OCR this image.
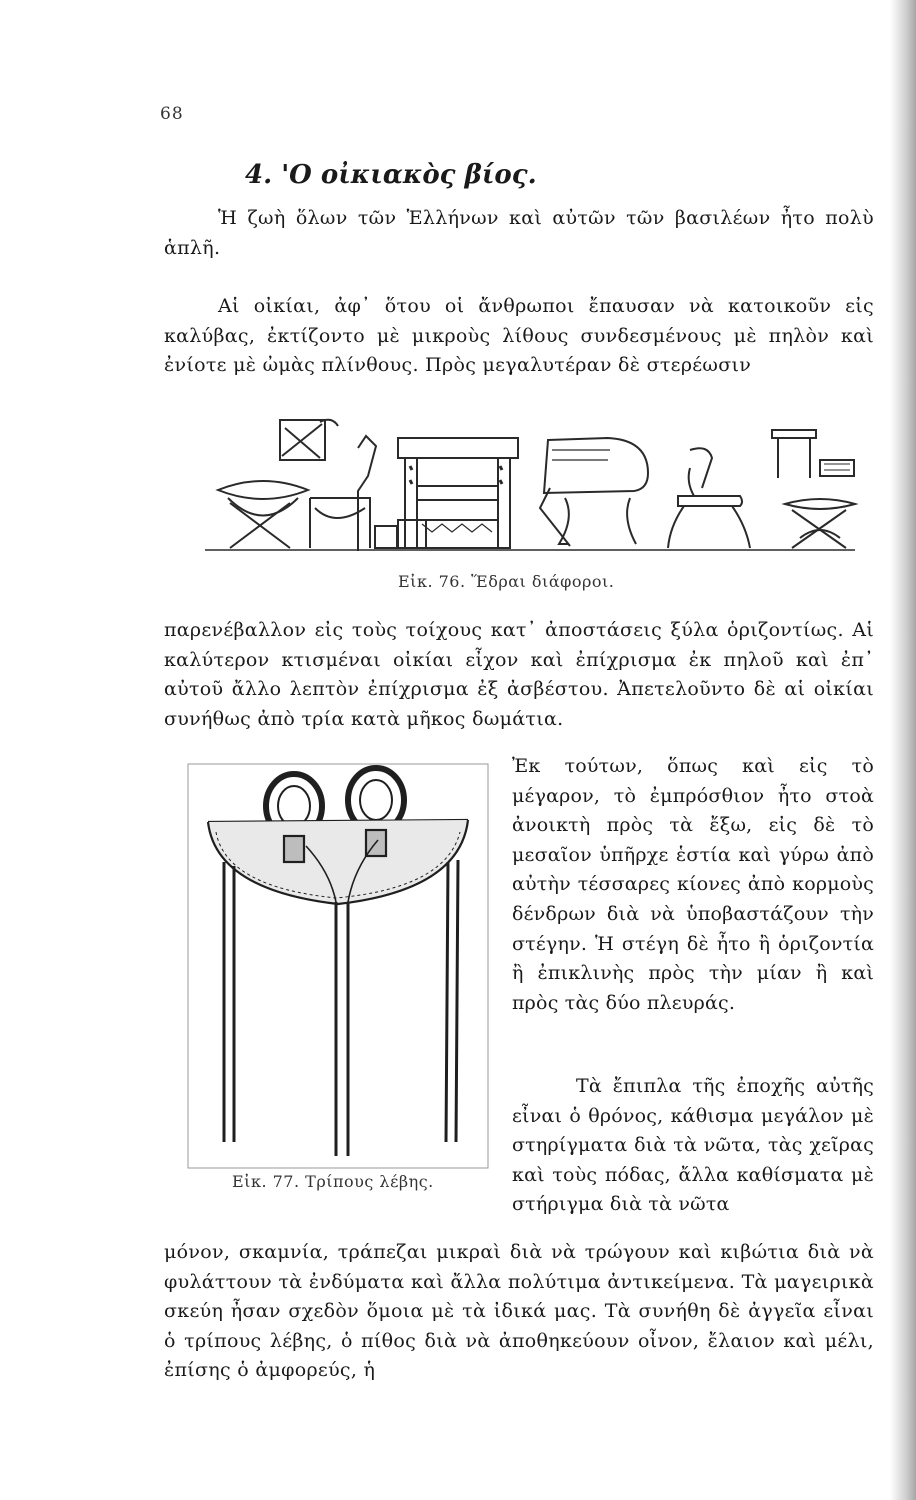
68
4. 'Ο οἰκιακὸς βίος.

Ἡ ζωὴ ὅλων τῶν Ἑλλήνων καὶ αὐτῶν τῶν βασιλέων ἦτο πολὺ ἁπλῆ.

Αἱ οἰκίαι, ἀφ᾽ ὅτου οἱ ἄνθρωποι ἔπαυσαν νὰ κατοικοῦν εἰς καλύβας, ἐκτίζοντο μὲ μικροὺς λίθους συνδεσμένους μὲ πηλὸν καὶ ἐνίοτε μὲ ὠμὰς πλίνθους. Πρὸς μεγαλυτέραν δὲ στερέωσιν

Εἰκ. 76. Ἕδραι διάφοροι.

παρενέβαλλον εἰς τοὺς τοίχους κατ᾽ ἀποστάσεις ξύλα ὁριζοντίως. Αἱ καλύτερον κτισμέναι οἰκίαι εἶχον καὶ ἐπίχρισμα ἐκ πηλοῦ καὶ ἐπ᾽ αὐτοῦ ἄλλο λεπτὸν ἐπίχρισμα ἐξ ἀσβέστου. Ἀπετελοῦντο δὲ αἱ οἰκίαι συνήθως ἀπὸ τρία κατὰ μῆκος δωμάτια.

Εἰκ. 77. Τρίπους λέβης.

Ἐκ τούτων, ὅπως καὶ εἰς τὸ μέγαρον, τὸ ἐμπρόσθιον ἦτο στοὰ ἀνοικτὴ πρὸς τὰ ἔξω, εἰς δὲ τὸ μεσαῖον ὑπῆρχε ἑστία καὶ γύρω ἀπὸ αὐτὴν τέσσαρες κίονες ἀπὸ κορμοὺς δένδρων διὰ νὰ ὑποβαστάζουν τὴν στέγην. Ἡ στέγη δὲ ἦτο ἢ ὁριζοντία ἢ ἐπικλινὴς πρὸς τὴν μίαν ἢ καὶ πρὸς τὰς δύο πλευράς.

Τὰ ἔπιπλα τῆς ἐποχῆς αὐτῆς εἶναι ὁ θρόνος, κάθισμα μεγάλον μὲ στηρίγματα διὰ τὰ νῶτα, τὰς χεῖρας καὶ τοὺς πόδας, ἄλλα καθίσματα μὲ στήριγμα διὰ τὰ νῶτα

μόνον, σκαμνία, τράπεζαι μικραὶ διὰ νὰ τρώγουν καὶ κιβώτια διὰ νὰ φυλάττουν τὰ ἐνδύματα καὶ ἄλλα πολύτιμα ἀντικείμενα. Τὰ μαγειρικὰ σκεύη ἦσαν σχεδὸν ὅμοια μὲ τὰ ἰδικά μας. Τὰ συνήθη δὲ ἀγγεῖα εἶναι ὁ τρίπους λέβης, ὁ πίθος διὰ νὰ ἀποθηκεύουν οἶνον, ἔλαιον καὶ μέλι, ἐπίσης ὁ ἀμφορεύς, ἡ
